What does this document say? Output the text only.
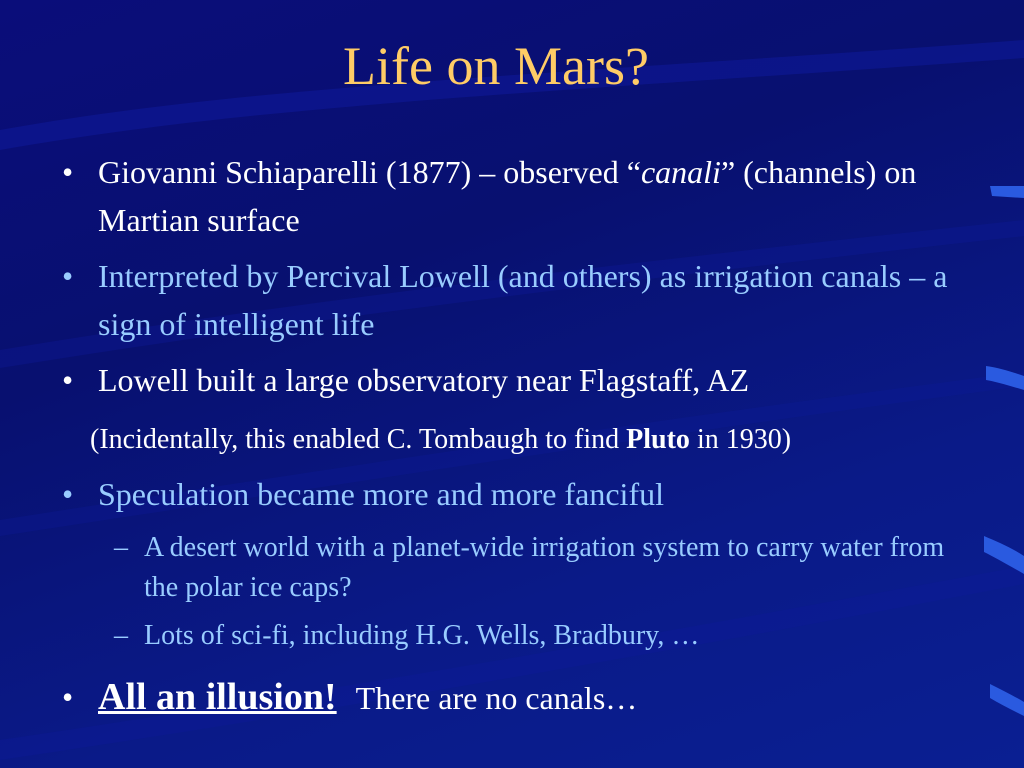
Life on Mars?
• Giovanni Schiaparelli (1877) – observed “canali” (channels) on Martian surface
• Interpreted by Percival Lowell (and others) as irrigation canals – a sign of intelligent life
• Lowell built a large observatory near Flagstaff, AZ
(Incidentally, this enabled C. Tombaugh to find Pluto in 1930)
• Speculation became more and more fanciful
– A desert world with a planet-wide irrigation system to carry water from the polar ice caps?
– Lots of sci-fi, including H.G. Wells, Bradbury, …
• All an illusion! There are no canals…
